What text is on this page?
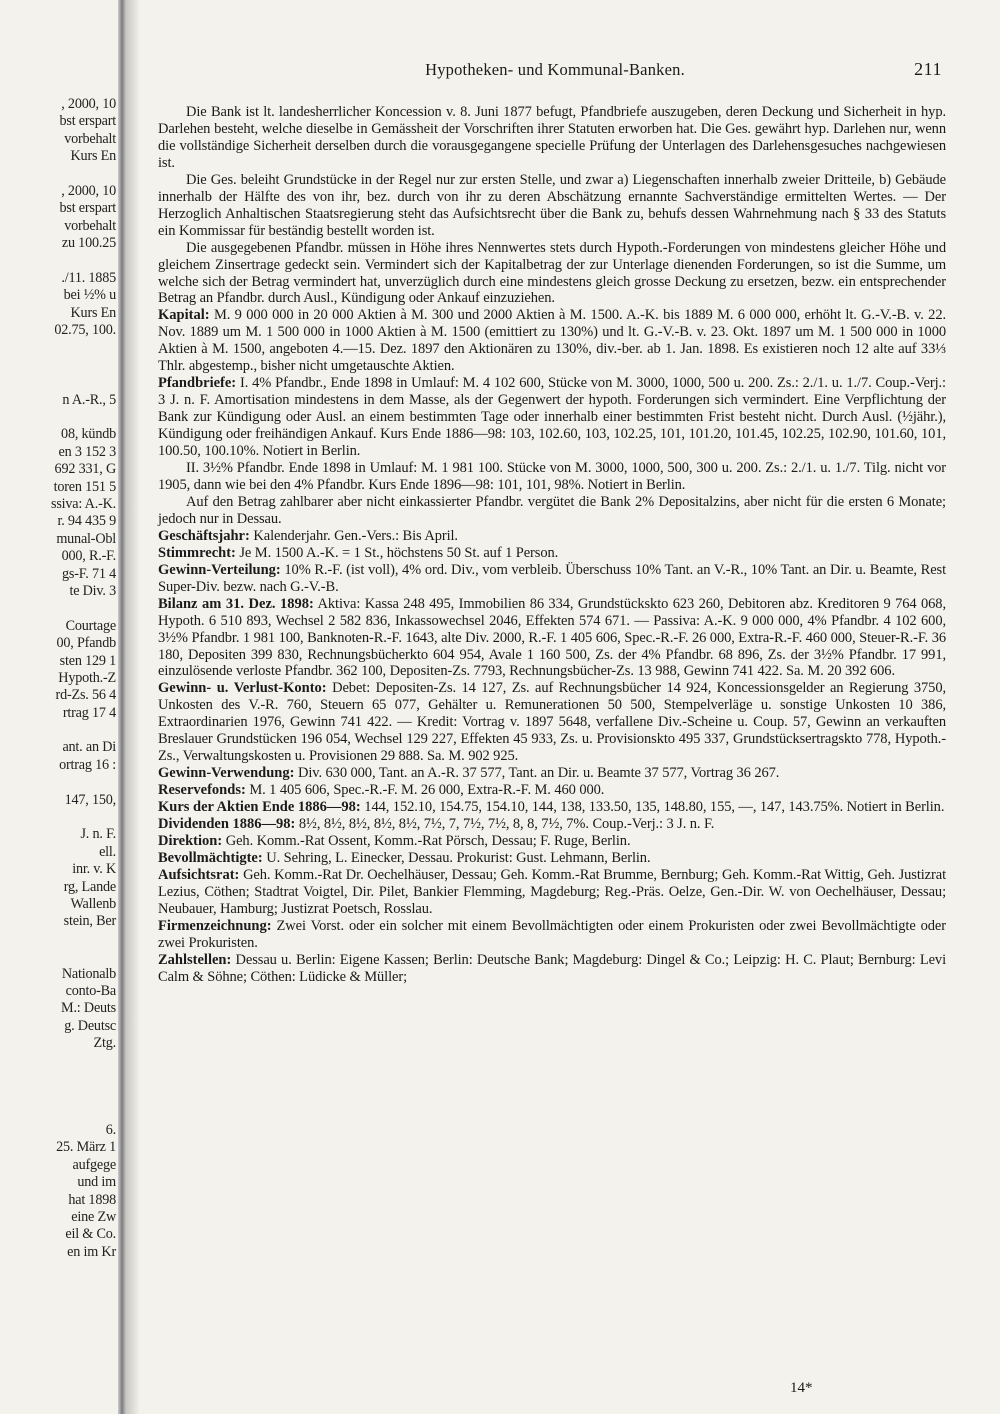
, 2000, 10
bst erspart
vorbehalt
Kurs En
, 2000, 10
bst erspart
vorbehalt
zu 100.25
./11. 1885
bei ½% u
Kurs En
02.75, 100.
n A.-R., 5
08, kündb
en 3 152 3
692 331, G
toren 151 5
ssiva: A.-K.
r. 94 435 9
munal-Obl
000, R.-F.
gs-F. 71 4
te Div. 3
Courtage
00, Pfandb
sten 129 1
Hypoth.-Z
rd-Zs. 56 4
rtrag 17 4
ant. an Di
ortrag 16 :
147, 150,
J. n. F.
ell.
inr. v. K
rg, Lande
Wallenb
stein, Ber
Nationalb
conto-Ba
M.: Deuts
g. Deutsc
Ztg.
6.
25. März 1
aufgege
und im
hat 1898
eine Zw
eil & Co.
en im Kr
Hypotheken- und Kommunal-Banken.	211

Die Bank ist lt. landesherrlicher Koncession v. 8. Juni 1877 befugt, Pfandbriefe auszugeben, deren Deckung und Sicherheit in hyp. Darlehen besteht, welche dieselbe in Gemässheit der Vorschriften ihrer Statuten erworben hat. Die Ges. gewährt hyp. Darlehen nur, wenn die vollständige Sicherheit derselben durch die vorausgegangene specielle Prüfung der Unterlagen des Darlehensgesuches nachgewiesen ist.

Die Ges. beleiht Grundstücke in der Regel nur zur ersten Stelle, und zwar a) Liegenschaften innerhalb zweier Dritteile, b) Gebäude innerhalb der Hälfte des von ihr, bez. durch von ihr zu deren Abschätzung ernannte Sachverständige ermittelten Wertes. — Der Herzoglich Anhaltischen Staatsregierung steht das Aufsichtsrecht über die Bank zu, behufs dessen Wahrnehmung nach § 33 des Statuts ein Kommissar für beständig bestellt worden ist.

Die ausgegebenen Pfandbr. müssen in Höhe ihres Nennwertes stets durch Hypoth.-Forderungen von mindestens gleicher Höhe und gleichem Zinsertrage gedeckt sein. Vermindert sich der Kapitalbetrag der zur Unterlage dienenden Forderungen, so ist die Summe, um welche sich der Betrag vermindert hat, unverzüglich durch eine mindestens gleich grosse Deckung zu ersetzen, bezw. ein entsprechender Betrag an Pfandbr. durch Ausl., Kündigung oder Ankauf einzuziehen.

Kapital: M. 9 000 000 in 20 000 Aktien à M. 300 und 2000 Aktien à M. 1500. A.-K. bis 1889 M. 6 000 000, erhöht lt. G.-V.-B. v. 22. Nov. 1889 um M. 1 500 000 in 1000 Aktien à M. 1500 (emittiert zu 130%) und lt. G.-V.-B. v. 23. Okt. 1897 um M. 1 500 000 in 1000 Aktien à M. 1500, angeboten 4.—15. Dez. 1897 den Aktionären zu 130%, div.-ber. ab 1. Jan. 1898. Es existieren noch 12 alte auf 33⅓ Thlr. abgestemp., bisher nicht umgetauschte Aktien.

Pfandbriefe: I. 4% Pfandbr., Ende 1898 in Umlauf: M. 4 102 600, Stücke von M. 3000, 1000, 500 u. 200. Zs.: 2./1. u. 1./7. Coup.-Verj.: 3 J. n. F. Amortisation mindestens in dem Masse, als der Gegenwert der hypoth. Forderungen sich vermindert. Eine Verpflichtung der Bank zur Kündigung oder Ausl. an einem bestimmten Tage oder innerhalb einer bestimmten Frist besteht nicht. Durch Ausl. (½jähr.), Kündigung oder freihändigen Ankauf. Kurs Ende 1886—98: 103, 102.60, 103, 102.25, 101, 101.20, 101.45, 102.25, 102.90, 101.60, 101, 100.50, 100.10%. Notiert in Berlin.

II. 3½% Pfandbr. Ende 1898 in Umlauf: M. 1 981 100. Stücke von M. 3000, 1000, 500, 300 u. 200. Zs.: 2./1. u. 1./7. Tilg. nicht vor 1905, dann wie bei den 4% Pfandbr. Kurs Ende 1896—98: 101, 101, 98%. Notiert in Berlin.

Auf den Betrag zahlbarer aber nicht einkassierter Pfandbr. vergütet die Bank 2% Depositalzins, aber nicht für die ersten 6 Monate; jedoch nur in Dessau.

Geschäftsjahr: Kalenderjahr. Gen.-Vers.: Bis April.

Stimmrecht: Je M. 1500 A.-K. = 1 St., höchstens 50 St. auf 1 Person.

Gewinn-Verteilung: 10% R.-F. (ist voll), 4% ord. Div., vom verbleib. Überschuss 10% Tant. an V.-R., 10% Tant. an Dir. u. Beamte, Rest Super-Div. bezw. nach G.-V.-B.

Bilanz am 31. Dez. 1898: Aktiva: Kassa 248 495, Immobilien 86 334, Grundstückskto 623 260, Debitoren abz. Kreditoren 9 764 068, Hypoth. 6 510 893, Wechsel 2 582 836, Inkassowechsel 2046, Effekten 574 671. — Passiva: A.-K. 9 000 000, 4% Pfandbr. 4 102 600, 3½% Pfandbr. 1 981 100, Banknoten-R.-F. 1643, alte Div. 2000, R.-F. 1 405 606, Spec.-R.-F. 26 000, Extra-R.-F. 460 000, Steuer-R.-F. 36 180, Depositen 399 830, Rechnungsbücherkto 604 954, Avale 1 160 500, Zs. der 4% Pfandbr. 68 896, Zs. der 3½% Pfandbr. 17 991, einzulösende verloste Pfandbr. 362 100, Depositen-Zs. 7793, Rechnungsbücher-Zs. 13 988, Gewinn 741 422. Sa. M. 20 392 606.

Gewinn- u. Verlust-Konto: Debet: Depositen-Zs. 14 127, Zs. auf Rechnungsbücher 14 924, Koncessionsgelder an Regierung 3750, Unkosten des V.-R. 760, Steuern 65 077, Gehälter u. Remunerationen 50 500, Stempelverläge u. sonstige Unkosten 10 386, Extraordinarien 1976, Gewinn 741 422. — Kredit: Vortrag v. 1897 5648, verfallene Div.-Scheine u. Coup. 57, Gewinn an verkauften Breslauer Grundstücken 196 054, Wechsel 129 227, Effekten 45 933, Zs. u. Provisionskto 495 337, Grundstücksertragskto 778, Hypoth.-Zs., Verwaltungskosten u. Provisionen 29 888. Sa. M. 902 925.

Gewinn-Verwendung: Div. 630 000, Tant. an A.-R. 37 577, Tant. an Dir. u. Beamte 37 577, Vortrag 36 267.

Reservefonds: M. 1 405 606, Spec.-R.-F. M. 26 000, Extra-R.-F. M. 460 000.

Kurs der Aktien Ende 1886—98: 144, 152.10, 154.75, 154.10, 144, 138, 133.50, 135, 148.80, 155, —, 147, 143.75%. Notiert in Berlin.

Dividenden 1886—98: 8½, 8½, 8½, 8½, 8½, 7½, 7, 7½, 7½, 8, 8, 7½, 7%. Coup.-Verj.: 3 J. n. F.

Direktion: Geh. Komm.-Rat Ossent, Komm.-Rat Pörsch, Dessau; F. Ruge, Berlin.

Bevollmächtigte: U. Sehring, L. Einecker, Dessau. Prokurist: Gust. Lehmann, Berlin.

Aufsichtsrat: Geh. Komm.-Rat Dr. Oechelhäuser, Dessau; Geh. Komm.-Rat Brumme, Bernburg; Geh. Komm.-Rat Wittig, Geh. Justizrat Lezius, Cöthen; Stadtrat Voigtel, Dir. Pilet, Bankier Flemming, Magdeburg; Reg.-Präs. Oelze, Gen.-Dir. W. von Oechelhäuser, Dessau; Neubauer, Hamburg; Justizrat Poetsch, Rosslau.

Firmenzeichnung: Zwei Vorst. oder ein solcher mit einem Bevollmächtigten oder einem Prokuristen oder zwei Bevollmächtigte oder zwei Prokuristen.

Zahlstellen: Dessau u. Berlin: Eigene Kassen; Berlin: Deutsche Bank; Magdeburg: Dingel & Co.; Leipzig: H. C. Plaut; Bernburg: Levi Calm & Söhne; Cöthen: Lüdicke & Müller;

14*
